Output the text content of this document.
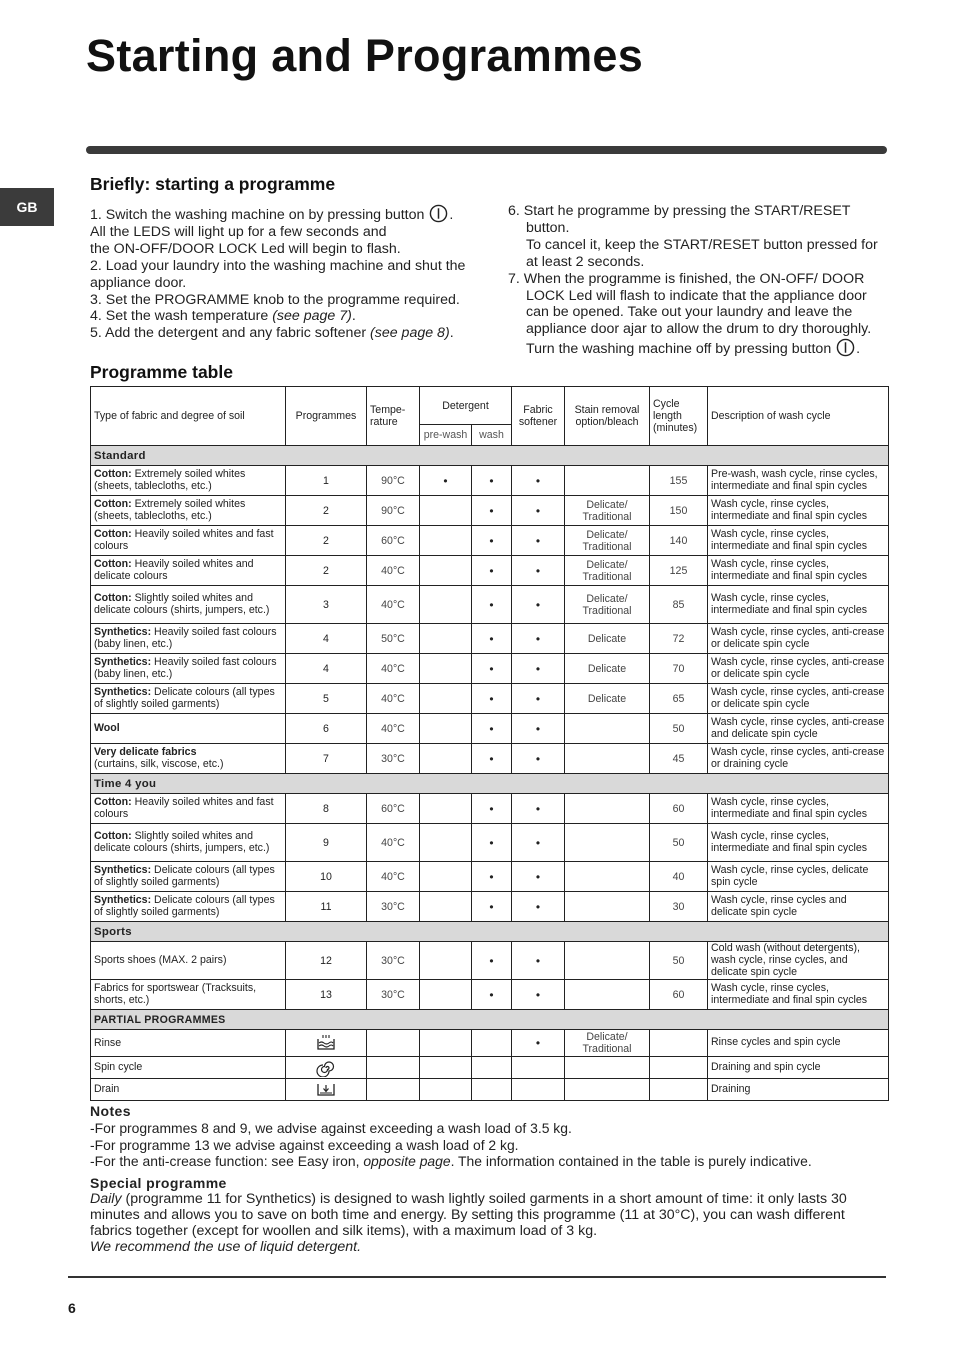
Starting and Programmes
GB
Briefly: starting a programme

1. Switch the washing machine on by pressing button .

All the LEDS will light up for a few seconds and

the ON-OFF/DOOR LOCK Led will begin to flash.

2. Load your laundry into the washing machine and shut the appliance door.

3. Set the PROGRAMME knob to the programme required.

4. Set the wash temperature (see page 7).

5. Add the detergent and any fabric softener (see page 8).

6. Start he programme by pressing the START/RESET button.

To cancel it, keep the START/RESET button pressed for at least 2 seconds.

7. When the programme is finished, the ON-OFF/ DOOR LOCK Led will flash to indicate that the appliance door can be opened. Take out your laundry and leave the appliance door ajar to allow the drum to dry thoroughly. Turn the washing machine off by pressing button .

Programme table
Type of fabric and degree of soil	Programmes	Tempe-rature	Detergent		Fabric softener	Stain removal option/bleach	Cycle length (minutes)	Description of wash cycle
			pre-wash	wash				
Standard								
Cotton: Extremely soiled whites (sheets, tablecloths, etc.)	1	90°C	•	•	•		155	Pre-wash, wash cycle, rinse cycles, intermediate and final spin cycles
Cotton: Extremely soiled whites (sheets, tablecloths, etc.)	2	90°C		•	•	Delicate/ Traditional	150	Wash cycle, rinse cycles, intermediate and final spin cycles
Cotton: Heavily soiled whites and fast colours	2	60°C		•	•	Delicate/ Traditional	140	Wash cycle, rinse cycles, intermediate and final spin cycles
Cotton: Heavily soiled whites and delicate colours	2	40°C		•	•	Delicate/ Traditional	125	Wash cycle, rinse cycles, intermediate and final spin cycles
Cotton: Slightly soiled whites and delicate colours (shirts, jumpers, etc.)	3	40°C		•	•	Delicate/ Traditional	85	Wash cycle, rinse cycles, intermediate and final spin cycles
Synthetics: Heavily soiled fast colours (baby linen, etc.)	4	50°C		•	•	Delicate	72	Wash cycle, rinse cycles, anti-crease or delicate spin cycle
Synthetics: Heavily soiled fast colours (baby linen, etc.)	4	40°C		•	•	Delicate	70	Wash cycle, rinse cycles, anti-crease or delicate spin cycle
Synthetics: Delicate colours (all types of slightly soiled garments)	5	40°C		•	•	Delicate	65	Wash cycle, rinse cycles, anti-crease or delicate spin cycle
Wool	6	40°C		•	•		50	Wash cycle, rinse cycles, anti-crease and delicate spin cycle
Very delicate fabrics
(curtains, silk, viscose, etc.)	7	30°C		•	•		45	Wash cycle, rinse cycles, anti-crease or draining cycle
Time 4 you								
Cotton: Heavily soiled whites and fast colours	8	60°C		•	•		60	Wash cycle, rinse cycles, intermediate and final spin cycles
Cotton: Slightly soiled whites and delicate colours (shirts, jumpers, etc.)	9	40°C		•	•		50	Wash cycle, rinse cycles, intermediate and final spin cycles
Synthetics: Delicate colours (all types of slightly soiled garments)	10	40°C		•	•		40	Wash cycle, rinse cycles, delicate spin cycle
Synthetics: Delicate colours (all types of slightly soiled garments)	11	30°C		•	•		30	Wash cycle, rinse cycles and delicate spin cycle
Sports								
Sports shoes (MAX. 2 pairs)	12	30°C		•	•		50	Cold wash (without detergents), wash cycle, rinse cycles, and delicate spin cycle
Fabrics for sportswear (Tracksuits, shorts, etc.)	13	30°C		•	•		60	Wash cycle, rinse cycles, intermediate and final spin cycles
PARTIAL PROGRAMMES								
Rinse					•	Delicate/ Traditional		Rinse cycles and spin cycle
Spin cycle								Draining and spin cycle
Drain								Draining
Notes

-For programmes 8 and 9, we advise against exceeding a wash load of 3.5 kg.

-For programme 13 we advise against exceeding a wash load of 2 kg.

-For the anti-crease function: see Easy iron, opposite page. The information contained in the table is purely indicative.

Special programme

Daily (programme 11 for Synthetics) is designed to wash lightly soiled garments in a short amount of time: it only lasts 30 minutes and allows you to save on both time and energy. By setting this programme (11 at 30°C), you can wash different fabrics together (except for woollen and silk items), with a maximum load of 3 kg.

We recommend the use of liquid detergent.

6
